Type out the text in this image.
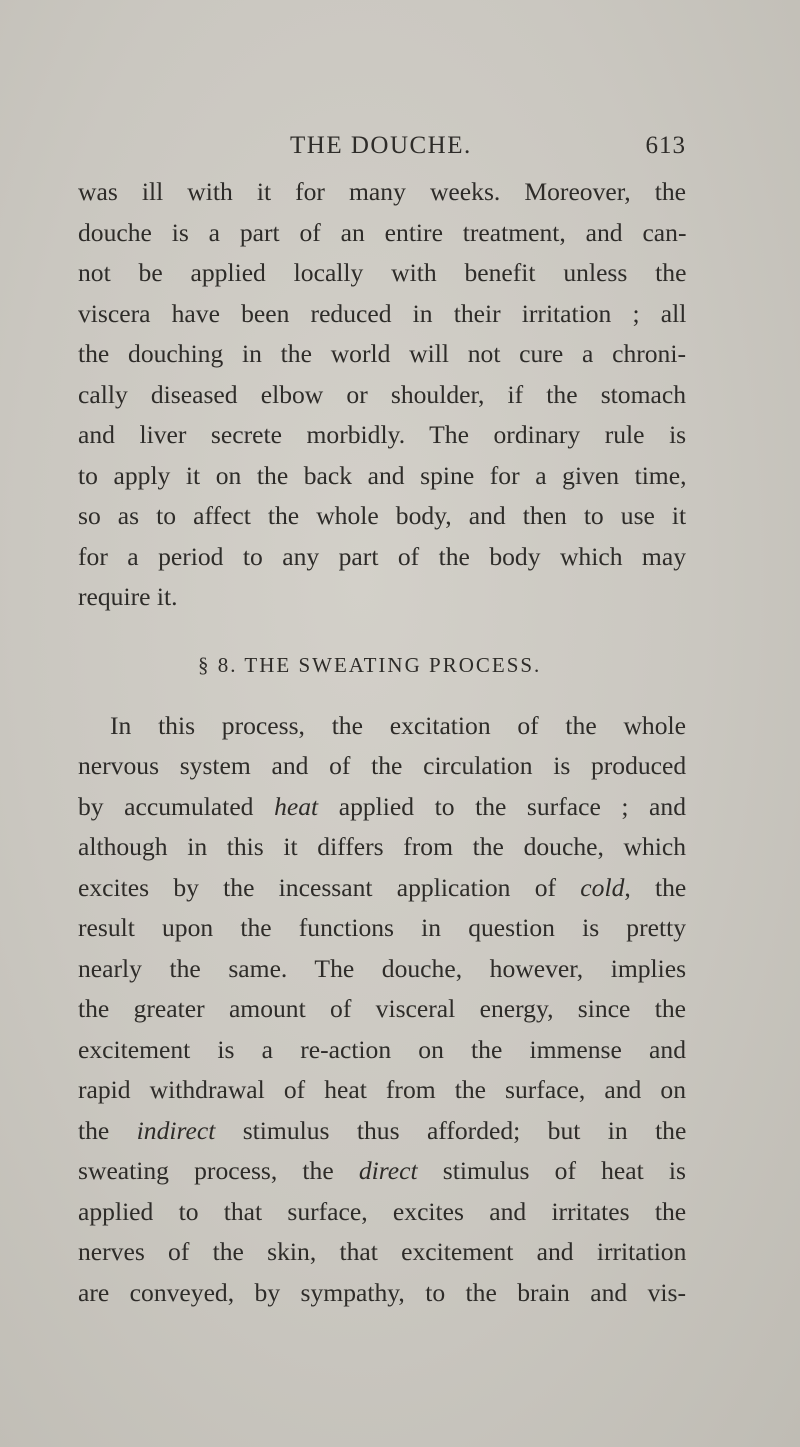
THE DOUCHE.	613

was ill with it for many weeks. Moreover, the
douche is a part of an entire treatment, and can-
not be applied locally with benefit unless the
viscera have been reduced in their irritation ; all
the douching in the world will not cure a chroni-
cally diseased elbow or shoulder, if the stomach
and liver secrete morbidly. The ordinary rule is
to apply it on the back and spine for a given time,
so as to affect the whole body, and then to use it
for a period to any part of the body which may
require it.

§ 8. THE SWEATING PROCESS.

In this process, the excitation of the whole
nervous system and of the circulation is produced
by accumulated heat applied to the surface ; and
although in this it differs from the douche, which
excites by the incessant application of cold, the
result upon the functions in question is pretty
nearly the same. The douche, however, implies
the greater amount of visceral energy, since the
excitement is a re-action on the immense and
rapid withdrawal of heat from the surface, and on
the indirect stimulus thus afforded; but in the
sweating process, the direct stimulus of heat is
applied to that surface, excites and irritates the
nerves of the skin, that excitement and irritation
are conveyed, by sympathy, to the brain and vis-
